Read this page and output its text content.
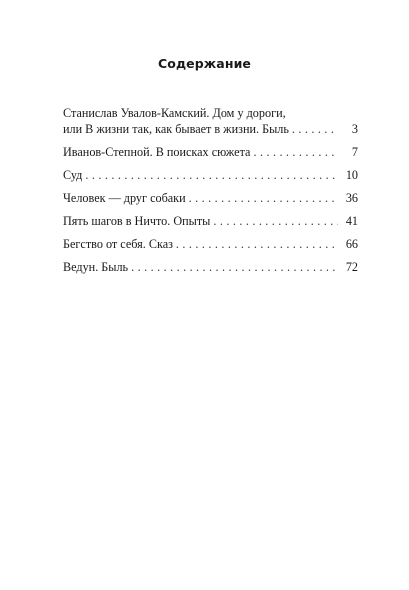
Содержание
Станислав Увалов-Камский. Дом у дороги,
или В жизни так, как бывает в жизни. Быль . . .	3
Иванов-Степной. В поисках сюжета . . .	7
Суд . . .	10
Человек — друг собаки . . .	36
Пять шагов в Ничто. Опыты . . .	41
Бегство от себя. Сказ . . .	66
Ведун. Быль . . .	72
